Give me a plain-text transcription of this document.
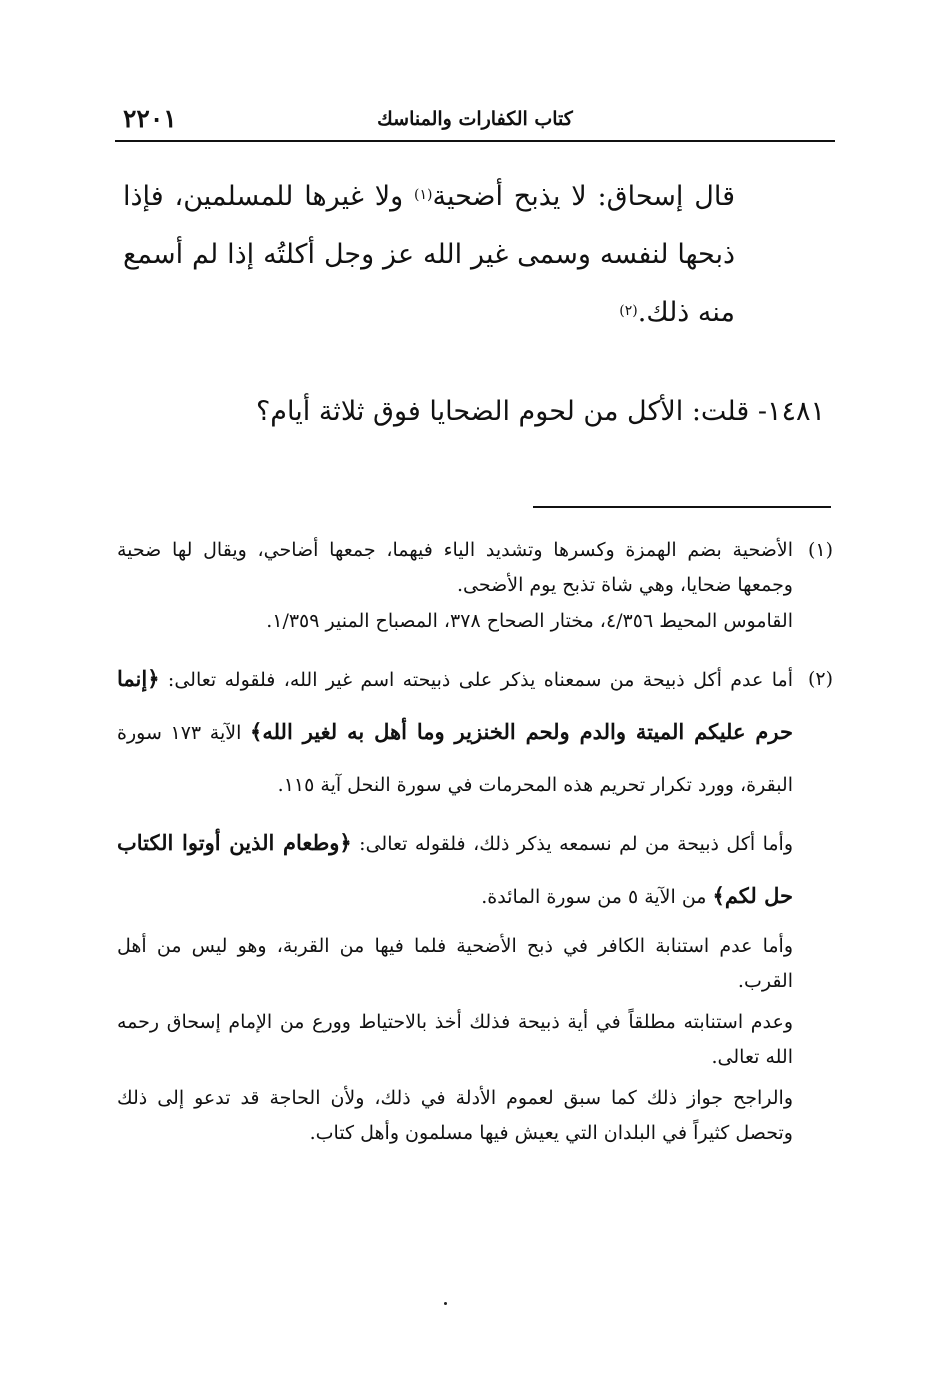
٢٢٠١	كتاب الكفارات والمناسك

قال إسحاق: لا يذبح أضحية$^{(١)}$ ولا غيرها للمسلمين، فإذا ذبحها لنفسه وسمى غير الله عز وجل أكلتُه إذا لم أسمع منه ذلك.$^{(٢)}$

١٤٨١- قلت: الأكل من لحوم الضحايا فوق ثلاثة أيام؟

(١)
الأضحية بضم الهمزة وكسرها وتشديد الياء فيهما، جمعها أضاحي، ويقال لها ضحية وجمعها ضحايا، وهي شاة تذبح يوم الأضحى.

القاموس المحيط ٤/٣٥٦، مختار الصحاح ٣٧٨، المصباح المنير ١/٣٥٩.

(٢)
أما عدم أكل ذبيحة من سمعناه يذكر على ذبيحته اسم غير الله، فلقوله تعالى: ﴿إنما حرم عليكم الميتة والدم ولحم الخنزير وما أهل به لغير الله﴾ الآية ١٧٣ سورة البقرة، وورد تكرار تحريم هذه المحرمات في سورة النحل آية ١١٥.

وأما أكل ذبيحة من لم نسمعه يذكر ذلك، فلقوله تعالى: ﴿وطعام الذين أوتوا الكتاب حل لكم﴾ من الآية ٥ من سورة المائدة.

وأما عدم استنابة الكافر في ذبح الأضحية فلما فيها من القربة، وهو ليس من أهل القرب.

وعدم استنابته مطلقاً في أية ذبيحة فذلك أخذ بالاحتياط وورع من الإمام إسحاق رحمه الله تعالى.

والراجح جواز ذلك كما سبق لعموم الأدلة في ذلك، ولأن الحاجة قد تدعو إلى ذلك وتحصل كثيراً في البلدان التي يعيش فيها مسلمون وأهل كتاب.
